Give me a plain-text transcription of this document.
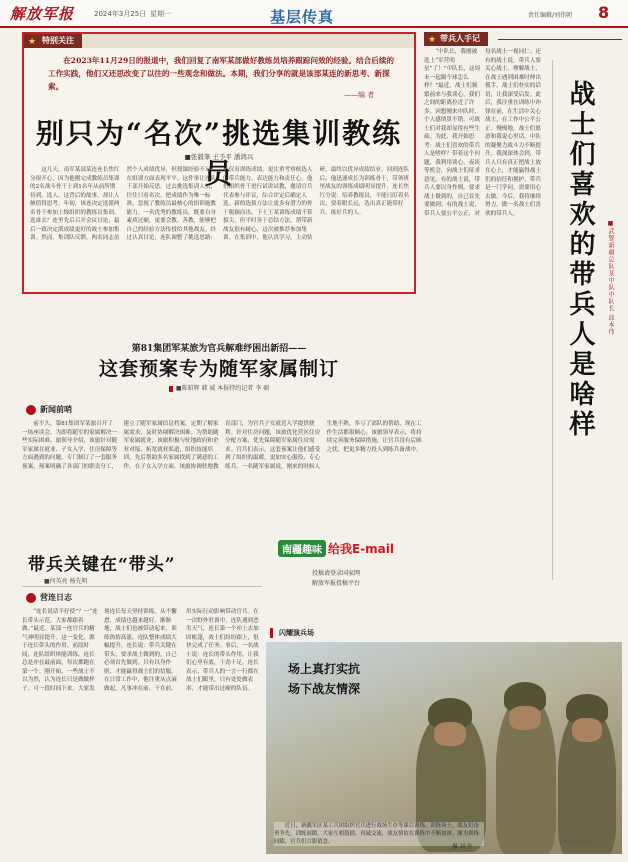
解放军报	2024年3月25日 星期一	基层传真	责任编辑/刘伟朝 8
★ 特别关注
在2023年11月29日的报道中，我们回复了南军某部做好教练员培养跟踪问效的经验。结合后续的工作实践，他们又还思改变了以往的一些观念和做法。本期，我们分享的就是该部某连的新思考、新探索。
——编 者
别只为“名次”挑选集训教练员
■张毅峯 王予平 潘鸿兴
这几天，南军某部某连连长焦红分很开心，因为他刚完成教练员集训的2名战斗骨干上到1名年从前所期待到。选人，这背后的故事，却让人颇值得思考。年初，该连决定选派两名骨干参加上级组织的教练员集训。选谁去？连里先后召开会议讨论，最后一致决定派成绩更好的战士参加集训。然而，集训队反馈，两名同志虽然个人成绩优异，但授课经验不足，在组训方面表现平平。这件事让连队干部开始反思。过去挑选集训人员，往往只看名次，把成绩作为唯一标准，忽视了教练员最核心的组训施教能力。一名优秀的教练员，既要自身素质过硬，更要会教、善教，能够把自己的经验方法传授给其他战友。经过认真讨论，连队调整了挑选思路：不仅看训练成绩，更注重考察候选人的带兵能力、表达能力和责任心。他们组织骨干进行试讲试教，邀请官兵代表参与评议，综合评定后确定人选。新的选拔方法让更多有潜力的骨干脱颖而出。下士王某训练成绩不算拔尖，但平时善于总结方法，帮带新战友很有耐心，这次被推荐参加集训。在集训中，他认真学习，主动钻研，最终以优异成绩结业。回到连队后，他迅速成长为训练骨干，带领班里战友的训练成绩明显提升。连长焦红分说：培养教练员，不能只盯着名次，要着眼长远，选出真正能带好兵、练好兵的人。
★ 带兵人手记
“中队长，我刚被选上“军营明星”了！”中队长，这周末一起踢个球怎么样？”最近，战士们频繁前来与我谈心，我们之间的距离拉近了许多。回想刚来中队时，个人感情算不错，可战士们对我却显得有些生疏。为此，我开始思考：战士们喜欢的带兵人是啥样？带着这个问题，我利用谈心、夜谈等机会，向战士们征求意见。有的战士说，带兵人要以身作则，要求战士做到的，自己首先要做到；有的战士说，带兵人要公平公正，对每名战士一视同仁；还有的战士说，带兵人要关心战士、理解战士，在战士遇到困难时伸出援手。战士们朴实的话语，让我深受启发。此后，我注重在训练中冲锋在前，在生活中关心战士，在工作中公平公正。慢慢地，战士们愿意和我说心里话，中队的凝聚力战斗力不断提升。我深深体会到，带兵人只有真正把战士放在心上，才能赢得战士们的信任和拥护。带兵是一门学问，需要用心去做。今后，我将继续努力，做一名战士们喜欢的带兵人。	战士们喜欢的带兵人是啥样	■武警新疆总队某中队中队长 邱本伟
第81集团军某旅为官兵解难纾困出新招——
这套预案专为随军家属制订
■陈昭辉 韩 威 本报特约记者 李 硕
新闻前哨
前不久，第81集团军某旅召开了一场座谈会，为即将随军的家属解决一些实际困难。旅领导介绍，该旅针对随军家属在就业、子女入学、住房保障等方面遇到的问题，专门制订了一套服务预案。预案明确了各部门的职责分工，建立了随军家属信息档案，定期了解家属需求，及时协调解决困难。为帮助随军家属就业，该旅积极与驻地政府和企业对接，拓宽就业渠道，组织技能培训，先后帮助多名家属找到了满意的工作。在子女入学方面，该旅协调驻地教育部门，为官兵子女就近入学提供便利。针对住房问题，该旅优化营区住房分配方案，优先保障随军家属住房需求。官兵们表示，这套预案让他们感受到了组织的温暖，更加安心服役、专心练兵。一名随军家属说，刚来的时候人生地不熟，多亏了部队的帮助，现在工作生活都很顺心。该旅领导表示，将持续完善服务保障措施，让官兵没有后顾之忧，把更多精力投入到练兵备战中。
带兵关键在“带头”
■何英亮 杨先明
营连日志
“连长说话不好使”？一“连长带头示范，大家都跟着做。”最近，某部一连官兵的精气神明显提升。这一变化，源于连长带头的作用。前段时间，连队组织体能训练，连长总是冲在最前面，每次都跑在第一个。刚开始，一些战士不以为然，认为连长只是做做样子。可一段时间下来，大家发现连长每天坚持训练，从不懈怠，成绩也越来越好。渐渐地，战士们也被带动起来，训练热情高涨，连队整体成绩大幅提升。连长说：带兵关键在带头，要求战士做到的，自己必须首先做到。只有以身作则，才能赢得战士们的信服。在日常工作中，他注重从点滴做起，凡事冲在前、干在前，用实际行动影响带动官兵。在一次野外驻训中，连队遇到恶劣天气，连长第一个冲上去加固帐篷，战士们纷纷跟上，很快完成了任务。事后，一名战士说：连长的带头作用，让我们心里有底，干劲十足。连长表示，带兵人的一言一行都在战士们眼里，只有处处做表率，才能带出过硬的队伍。
南疆趣味 给我E-mail
投稿请登录国家网
解放军报投稿平台
闪耀演兵场
场上真打实抗
场下战友情深
近日，新疆军区某工兵团组织官兵进行战场生存等课目训练。训练场上，战友们奋勇争先，训练间隙，大家互相鼓励、真诚交流，战友情谊在训练中不断加深。图为训练间隙，官兵们合影留念。
摄 刘 全
(李建达整理)
